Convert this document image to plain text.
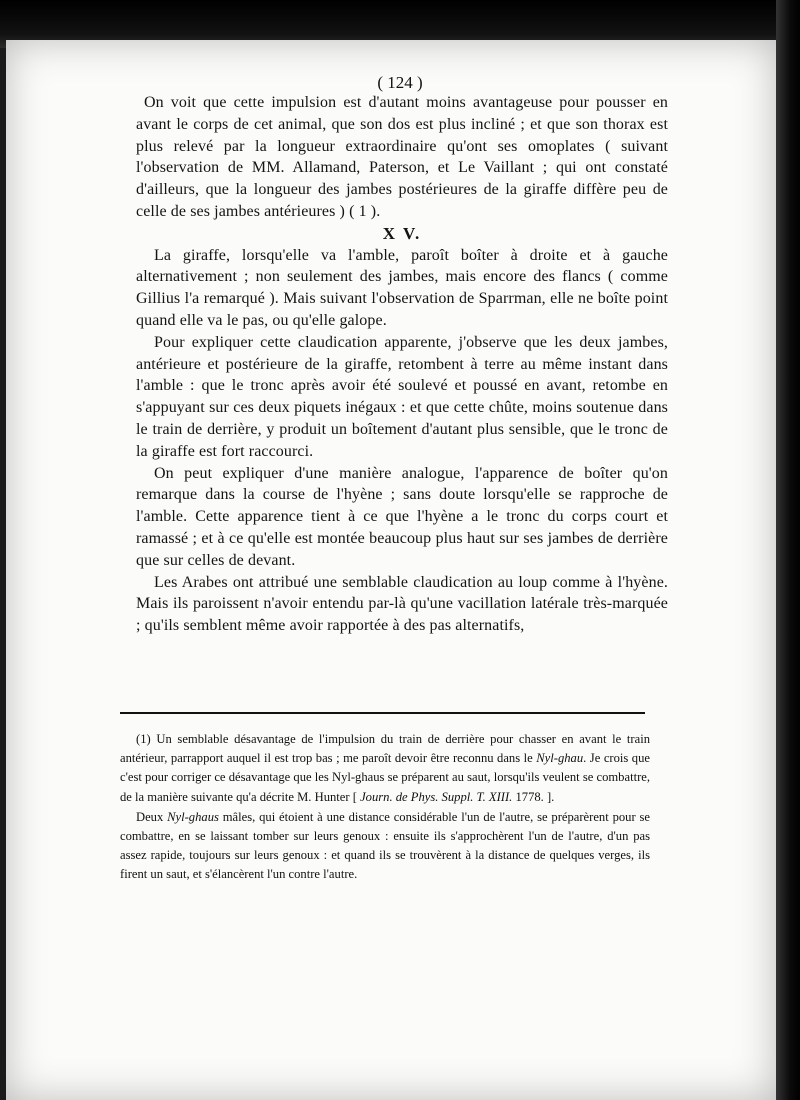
( 124 )

On voit que cette impulsion est d'autant moins avantageuse pour pousser en avant le corps de cet animal, que son dos est plus incliné ; et que son thorax est plus relevé par la longueur extraordinaire qu'ont ses omoplates ( suivant l'observation de MM. Allamand, Paterson, et Le Vaillant ; qui ont constaté d'ailleurs, que la longueur des jambes postérieures de la giraffe diffère peu de celle de ses jambes antérieures ) ( 1 ).

X V.

La giraffe, lorsqu'elle va l'amble, paroît boîter à droite et à gauche alternativement ; non seulement des jambes, mais encore des flancs ( comme Gillius l'a remarqué ). Mais suivant l'observation de Sparrman, elle ne boîte point quand elle va le pas, ou qu'elle galope.

Pour expliquer cette claudication apparente, j'observe que les deux jambes, antérieure et postérieure de la giraffe, retombent à terre au même instant dans l'amble : que le tronc après avoir été soulevé et poussé en avant, retombe en s'appuyant sur ces deux piquets inégaux : et que cette chûte, moins soutenue dans le train de derrière, y produit un boîtement d'autant plus sensible, que le tronc de la giraffe est fort raccourci.

On peut expliquer d'une manière analogue, l'apparence de boîter qu'on remarque dans la course de l'hyène ; sans doute lorsqu'elle se rapproche de l'amble. Cette apparence tient à ce que l'hyène a le tronc du corps court et ramassé ; et à ce qu'elle est montée beaucoup plus haut sur ses jambes de derrière que sur celles de devant.

Les Arabes ont attribué une semblable claudication au loup comme à l'hyène. Mais ils paroissent n'avoir entendu par-là qu'une vacillation latérale très-marquée ; qu'ils semblent même avoir rapportée à des pas alternatifs,

(1) Un semblable désavantage de l'impulsion du train de derrière pour chasser en avant le train antérieur, parrapport auquel il est trop bas ; me paroît devoir être reconnu dans le Nyl-ghau. Je crois que c'est pour corriger ce désavantage que les Nyl-ghaus se préparent au saut, lorsqu'ils veulent se combattre, de la manière suivante qu'a décrite M. Hunter [ Journ. de Phys. Suppl. T. XIII. 1778. ].

Deux Nyl-ghaus mâles, qui étoient à une distance considérable l'un de l'autre, se préparèrent pour se combattre, en se laissant tomber sur leurs genoux : ensuite ils s'approchèrent l'un de l'autre, d'un pas assez rapide, toujours sur leurs genoux : et quand ils se trouvèrent à la distance de quelques verges, ils firent un saut, et s'élancèrent l'un contre l'autre.
